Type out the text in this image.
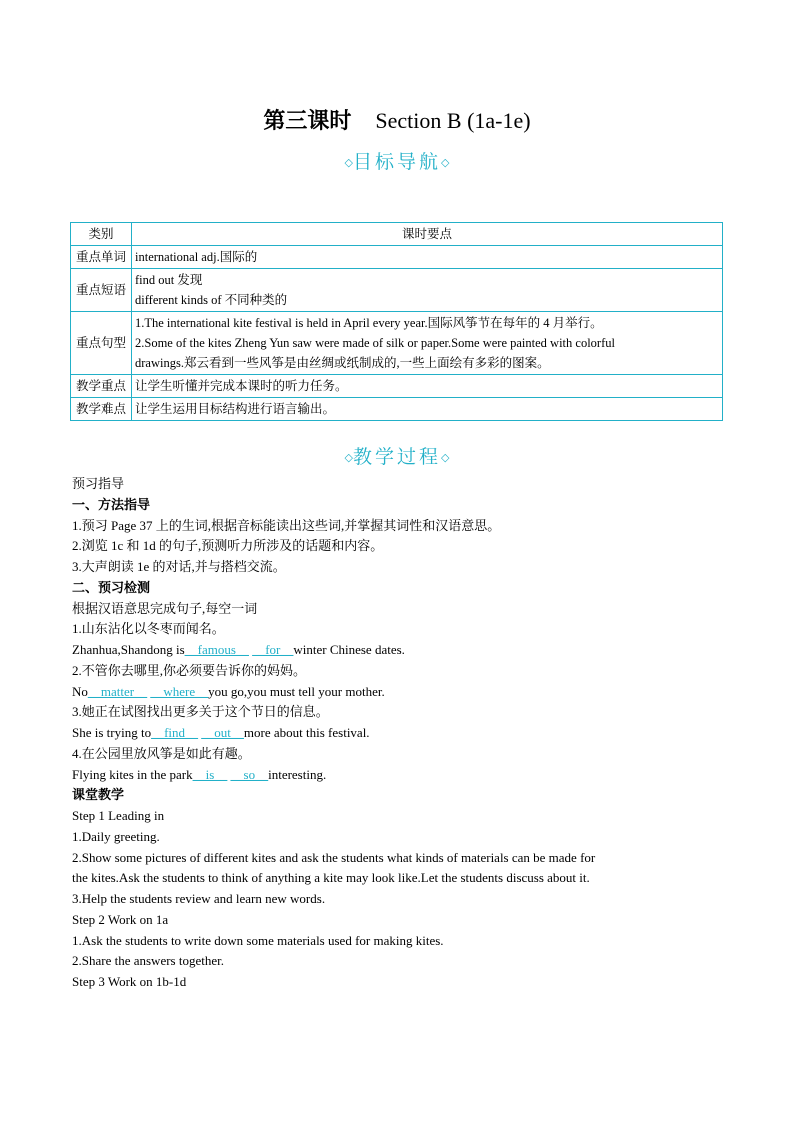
第三课时 Section B (1a-1e)
◇目标导航◇
类别	课时要点
重点单词	international adj.国际的

重点短语	find out 发现
different kinds of 不同种类的

重点句型	1.The international kite festival is held in April every year.国际风筝节在每年的 4 月举行。
2.Some of the kites Zheng Yun saw were made of silk or paper.Some were painted with colorful
drawings.郑云看到一些风筝是由丝绸或纸制成的,一些上面绘有多彩的图案。

教学重点	让学生听懂并完成本课时的听力任务。

教学难点	让学生运用目标结构进行语言输出。
◇教学过程◇
预习指导
一、方法指导
1.预习 Page 37 上的生词,根据音标能读出这些词,并掌握其词性和汉语意思。
2.浏览 1c 和 1d 的句子,预测听力所涉及的话题和内容。
3.大声朗读 1e 的对话,并与搭档交流。
二、预习检测
根据汉语意思完成句子,每空一词
1.山东沾化以冬枣而闻名。
Zhanhua,Shandong is__famous__ __for__winter Chinese dates.
2.不管你去哪里,你必须要告诉你的妈妈。
No__matter__ __where__you go,you must tell your mother.
3.她正在试图找出更多关于这个节日的信息。
She is trying to__find__ __out__more about this festival.
4.在公园里放风筝是如此有趣。
Flying kites in the park__is__ __so__interesting.
课堂教学
Step 1 Leading in
1.Daily greeting.
2.Show some pictures of different kites and ask the students what kinds of materials can be made for
the kites.Ask the students to think of anything a kite may look like.Let the students discuss about it.
3.Help the students review and learn new words.
Step 2 Work on 1a
1.Ask the students to write down some materials used for making kites.
2.Share the answers together.
Step 3 Work on 1b-1d
